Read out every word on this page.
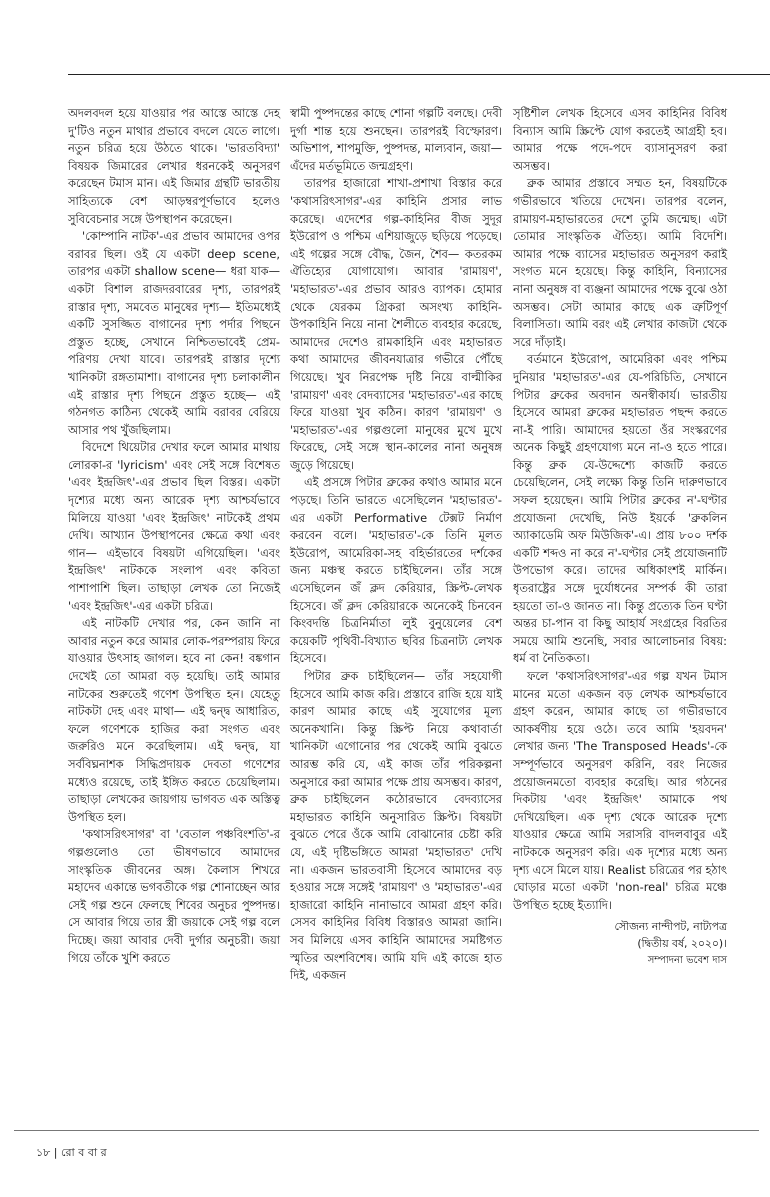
অদলবদল হয়ে যাওয়ার পর আস্তে আস্তে দেহ দু'টিও নতুন মাথার প্রভাবে বদলে যেতে লাগে। নতুন চরিত্র হয়ে উঠতে থাকে। 'ভারতবিদ্যা' বিষয়ক জিমারের লেখার ধরনকেই অনুসরণ করেছেন টমাস মান। এই জিমার গ্রন্থটি ভারতীয় সাহিত্যকে বেশ আড়ম্বরপূর্ণভাবে হলেও সুবিবেচনার সঙ্গে উপস্থাপন করেছেন।

'কোম্পানি নাটক'-এর প্রভাব আমাদের ওপর বরাবর ছিল। ওই যে একটা deep scene, তারপর একটা shallow scene— ধরা যাক— একটা বিশাল রাজদরবারের দৃশ্য, তারপরই রাস্তার দৃশ্য, সমবেত মানুষের দৃশ্য— ইতিমধ্যেই একটি সুসজ্জিত বাগানের দৃশ্য পর্দার পিছনে প্রস্তুত হচ্ছে, সেখানে নিশ্চিতভাবেই প্রেম-পরিণয় দেখা যাবে। তারপরই রাস্তার দৃশ্যে খানিকটা রঙ্গতামাশা। বাগানের দৃশ্য চলাকালীন এই রাস্তার দৃশ্য পিছনে প্রস্তুত হচ্ছে— এই গঠনগত কাঠিন্য থেকেই আমি বরাবর বেরিয়ে আসার পথ খুঁজছিলাম।

বিদেশে থিয়েটার দেখার ফলে আমার মাথায় লোরকা-র 'lyricism' এবং সেই সঙ্গে বিশেষত 'এবং ইন্দ্রজিৎ'-এর প্রভাব ছিল বিস্তর। একটা দৃশ্যের মধ্যে অন্য আরেক দৃশ্য আশ্চর্যভাবে মিলিয়ে যাওয়া 'এবং ইন্দ্রজিৎ' নাটকেই প্রথম দেখি। আখ্যান উপস্থাপনের ক্ষেত্রে কথা এবং গান— এইভাবে বিষয়টা এগিয়েছিল। 'এবং ইন্দ্রজিৎ' নাটককে সংলাপ এবং কবিতা পাশাপাশি ছিল। তাছাড়া লেখক তো নিজেই 'এবং ইন্দ্রজিৎ'-এর একটা চরিত্র।

এই নাটকটি দেখার পর, কেন জানি না আবার নতুন করে আমার লোক-পরম্পরায় ফিরে যাওয়ার উৎসাহ জাগল। হবে না কেন! বঙ্কগান দেখেই তো আমরা বড় হয়েছি। তাই আমার নাটকের শুরুতেই গণেশ উপস্থিত হন। যেহেতু নাটকটা দেহ এবং মাথা— এই দ্বন্দ্ব আধারিত, ফলে গণেশকে হাজির করা সংগত এবং জরুরিও মনে করেছিলাম। এই দ্বন্দ্ব, যা সর্ববিঘ্ননাশক সিদ্ধিপ্রদায়ক দেবতা গণেশের মধ্যেও রয়েছে, তাই ইঙ্গিত করতে চেয়েছিলাম। তাছাড়া লেখকের জায়গায় ভাগবত এক অস্তিত্ব উপস্থিত হল।

'কথাসরিৎসাগর' বা 'বেতাল পঞ্চবিংশতি'-র গল্পগুলোও তো ভীষণভাবে আমাদের সাংস্কৃতিক জীবনের অঙ্গ। কৈলাস শিখরে মহাদেব একান্তে ভগবতীকে গল্প শোনাচ্ছেন আর সেই গল্প শুনে ফেলছে শিবের অনুচর পুষ্পদন্ত। সে আবার গিয়ে তার স্ত্রী জয়াকে সেই গল্প বলে দিচ্ছে। জয়া আবার দেবী দুর্গার অনুচরী। জয়া গিয়ে তাঁকে খুশি করতে

স্বামী পুষ্পদন্তের কাছে শোনা গল্পটি বলছে। দেবী দুর্গা শান্ত হয়ে শুনছেন। তারপরই বিস্ফোরণ। অভিশাপ, শাপমুক্তি, পুষ্পদন্ত, মাল্যবান, জয়া— এঁদের মর্তভূমিতে জন্মগ্রহণ।

তারপর হাজারো শাখা-প্রশাখা বিস্তার করে 'কথাসরিৎসাগর'-এর কাহিনি প্রসার লাভ করেছে। এদেশের গল্প-কাহিনির বীজ সুদূর ইউরোপ ও পশ্চিম এশিয়াজুড়ে ছড়িয়ে পড়েছে। এই গল্পের সঙ্গে বৌদ্ধ, জৈন, শৈব— কতরকম ঐতিহ্যের যোগাযোগ। আবার 'রামায়ণ', 'মহাভারত'-এর প্রভাব আরও ব্যাপক। হোমার থেকে যেরকম গ্রিকরা অসংখ্য কাহিনি-উপকাহিনি নিয়ে নানা শৈলীতে ব্যবহার করেছে, আমাদের দেশেও রামকাহিনি এবং মহাভারত কথা আমাদের জীবনযাত্রার গভীরে পৌঁছে গিয়েছে। খুব নিরপেক্ষ দৃষ্টি নিয়ে বাল্মীকির 'রামায়ণ' এবং বেদব্যাসের 'মহাভারত'-এর কাছে ফিরে যাওয়া খুব কঠিন। কারণ 'রামায়ণ' ও 'মহাভারত'-এর গল্পগুলো মানুষের মুখে মুখে ফিরেছে, সেই সঙ্গে স্থান-কালের নানা অনুষঙ্গ জুড়ে গিয়েছে।

এই প্রসঙ্গে পিটার ব্রুকের কথাও আমার মনে পড়ছে। তিনি ভারতে এসেছিলেন 'মহাভারত'-এর একটা Performative টেক্সট নির্মাণ করবেন বলে। 'মহাভারত'-কে তিনি মূলত ইউরোপ, আমেরিকা-সহ বহির্ভারতের দর্শকের জন্য মঞ্চস্থ করতে চাইছিলেন। তাঁর সঙ্গে এসেছিলেন জঁ ক্লদ কেরিয়ার, স্ক্রিপ্ট-লেখক হিসেবে। জঁ ক্লদ কেরিয়ারকে অনেকেই চিনবেন কিংবদন্তি চিত্রনির্মাতা লুই বুনুয়েলের বেশ কয়েকটি পৃথিবী-বিখ্যাত ছবির চিত্রনাট্য লেখক হিসেবে।

পিটার ব্রুক চাইছিলেন— তাঁর সহযোগী হিসেবে আমি কাজ করি। প্রস্তাবে রাজি হয়ে যাই কারণ আমার কাছে এই সুযোগের মূল্য অনেকখানি। কিন্তু স্ক্রিপ্ট নিয়ে কথাবার্তা খানিকটা এগোনোর পর থেকেই আমি বুঝতে আরম্ভ করি যে, এই কাজ তাঁর পরিকল্পনা অনুসারে করা আমার পক্ষে প্রায় অসম্ভব। কারণ, ব্রুক চাইছিলেন কঠোরভাবে বেদব্যাসের মহাভারত কাহিনি অনুসারিত স্ক্রিপ্ট। বিষয়টা বুঝতে পেরে ওঁকে আমি বোঝানোর চেষ্টা করি যে, এই দৃষ্টিভঙ্গিতে আমরা 'মহাভারত' দেখি না। একজন ভারতবাসী হিসেবে আমাদের বড় হওয়ার সঙ্গে সঙ্গেই 'রামায়ণ' ও 'মহাভারত'-এর হাজারো কাহিনি নানাভাবে আমরা গ্রহণ করি। সেসব কাহিনির বিবিধ বিস্তারও আমরা জানি। সব মিলিয়ে এসব কাহিনি আমাদের সমষ্টিগত স্মৃতির অংশবিশেষ। আমি যদি এই কাজে হাত দিই, একজন

সৃষ্টিশীল লেখক হিসেবে এসব কাহিনির বিবিধ বিন্যাস আমি স্ক্রিপ্টে যোগ করতেই আগ্রহী হব। আমার পক্ষে পদে-পদে ব্যাসানুসরণ করা অসম্ভব।

ব্রুক আমার প্রস্তাবে সম্মত হন, বিষয়টিকে গভীরভাবে খতিয়ে দেখেন। তারপর বলেন, রামায়ণ-মহাভারতের দেশে তুমি জন্মেছ। এটা তোমার সাংস্কৃতিক ঐতিহ্য। আমি বিদেশি। আমার পক্ষে ব্যাসের মহাভারত অনুসরণ করাই সংগত মনে হয়েছে। কিন্তু কাহিনি, বিন্যাসের নানা অনুষঙ্গ বা ব্যঞ্জনা আমাদের পক্ষে বুঝে ওঠা অসম্ভব। সেটা আমার কাছে এক ত্রুটিপূর্ণ বিলাসিতা। আমি বরং এই লেখার কাজটা থেকে সরে দাঁড়াই।

বর্তমানে ইউরোপ, আমেরিকা এবং পশ্চিম দুনিয়ার 'মহাভারত'-এর যে-পরিচিতি, সেখানে পিটার ব্রুকের অবদান অনস্বীকার্য। ভারতীয় হিসেবে আমরা ব্রুকের মহাভারত পছন্দ করতে না-ই পারি। আমাদের হয়তো ওঁর সংস্করণের অনেক কিছুই গ্রহণযোগ্য মনে না-ও হতে পারে। কিন্তু ব্রুক যে-উদ্দেশ্যে কাজটি করতে চেয়েছিলেন, সেই লক্ষ্যে কিন্তু তিনি দারুণভাবে সফল হয়েছেন। আমি পিটার ব্রুকের ন'-ঘণ্টার প্রযোজনা দেখেছি, নিউ ইয়র্কে 'ব্রুকলিন অ্যাকাডেমি অফ মিউজিক'-এ। প্রায় ৮০০ দর্শক একটি শব্দও না করে ন'-ঘণ্টার সেই প্রযোজনাটি উপভোগ করে। তাদের অধিকাংশই মার্কিন। ধৃতরাষ্ট্রের সঙ্গে দুর্যোধনের সম্পর্ক কী তারা হয়তো তা-ও জানত না। কিন্তু প্রত্যেক তিন ঘণ্টা অন্তর চা-পান বা কিছু আহার্য সংগ্রহের বিরতির সময়ে আমি শুনেছি, সবার আলোচনার বিষয়: ধর্ম বা নৈতিকতা।

ফলে 'কথাসরিৎসাগর'-এর গল্প যখন টমাস মানের মতো একজন বড় লেখক আশ্চর্যভাবে গ্রহণ করেন, আমার কাছে তা গভীরভাবে আকর্ষণীয় হয়ে ওঠে। তবে আমি 'হয়বদন' লেখার জন্য 'The Transposed Heads'-কে সম্পূর্ণভাবে অনুসরণ করিনি, বরং নিজের প্রয়োজনমতো ব্যবহার করেছি। আর গঠনের দিকটায় 'এবং ইন্দ্রজিৎ' আমাকে পথ দেখিয়েছিল। এক দৃশ্য থেকে আরেক দৃশ্যে যাওয়ার ক্ষেত্রে আমি সরাসরি বাদলবাবুর এই নাটককে অনুসরণ করি। এক দৃশ্যের মধ্যে অন্য দৃশ্য এসে মিলে যায়। Realist চরিত্রের পর হঠাৎ ঘোড়ার মতো একটা 'non-real' চরিত্র মঞ্চে উপস্থিত হচ্ছে ইত্যাদি।

সৌজন্য নান্দীপট, নাট্যপত্র
(দ্বিতীয় বর্ষ, ২০২০)।
সম্পাদনা ভবেশ দাস
১৮ | রো ব বা র
